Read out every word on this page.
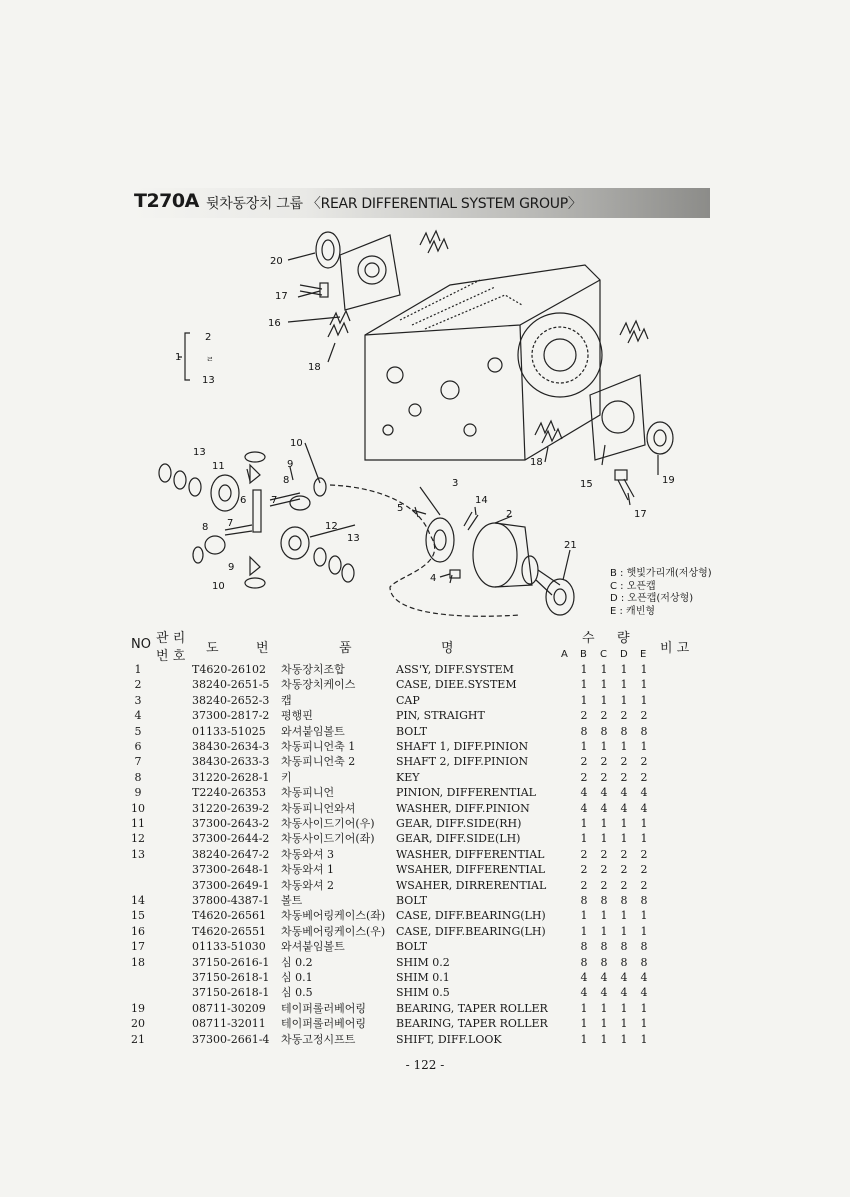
T270A 뒷차동장치 그룹 〈REAR DIFFERENTIAL SYSTEM GROUP〉
20
17
16
18
2
1	ㄹ
13
10
13
11	9
8
6 7
8 7	12
13
9
10
3
14
5
2
4
21
18
15	19
17
B : 햇빛가리개(저상형)
C : 오픈캡
D : 오픈캡(저상형)
E : 캐빈형
NO 관 리
번 호
도	번	품	명
수 량
비 고
A B C D E
1	T4620-26102 차동장치조합	ASS'Y, DIFF.SYSTEM	1 1 1 1
2	38240-2651-5 차동장치케이스	CASE, DIEE.SYSTEM	1 1 1 1
3	38240-2652-3 캡	CAP	1 1 1 1
4	37300-2817-2 평행핀	PIN, STRAIGHT	2 2 2 2
5	01133-51025 와셔붙임볼트	BOLT	8 8 8 8
6	38430-2634-3 차동피니언축 1	SHAFT 1, DIFF.PINION	1 1 1 1
7	38430-2633-3 차동피니언축 2	SHAFT 2, DIFF.PINION	2 2 2 2
8	31220-2628-1 키	KEY	2 2 2 2
9	T2240-26353 차동피니언	PINION, DIFFERENTIAL	4 4 4 4
10	31220-2639-2 차동피니언와셔	WASHER, DIFF.PINION	4 4 4 4
11	37300-2643-2 차동사이드기어(우) GEAR, DIFF.SIDE(RH)	1 1 1 1
12	37300-2644-2 차동사이드기어(좌) GEAR, DIFF.SIDE(LH)	1 1 1 1
13	38240-2647-2 차동와셔 3	WASHER, DIFFERENTIAL	2 2 2 2
37300-2648-1 차동와셔 1	WSAHER, DIFFERENTIAL	2 2 2 2
37300-2649-1 차동와셔 2	WSAHER, DIRRERENTIAL	2 2 2 2
14	37800-4387-1 볼트	BOLT	8 8 8 8
15	T4620-26561 차동베어링케이스(좌) CASE, DIFF.BEARING(LH)	1 1 1 1
16	T4620-26551 차동베어링케이스(우) CASE, DIFF.BEARING(LH)	1 1 1 1
17	01133-51030 와셔붙임볼트	BOLT	8 8 8 8
18	37150-2616-1 심 0.2	SHIM 0.2	8 8 8 8
37150-2618-1 심 0.1	SHIM 0.1	4 4 4 4
37150-2618-1 심 0.5	SHIM 0.5	4 4 4 4
19	08711-30209 테이퍼롤러베어링	BEARING, TAPER ROLLER	1 1 1 1
20	08711-32011 테이퍼롤러베어링	BEARING, TAPER ROLLER	1 1 1 1
21	37300-2661-4 차동고정시프트	SHIFT, DIFF.LOOK	1 1 1 1
- 122 -
